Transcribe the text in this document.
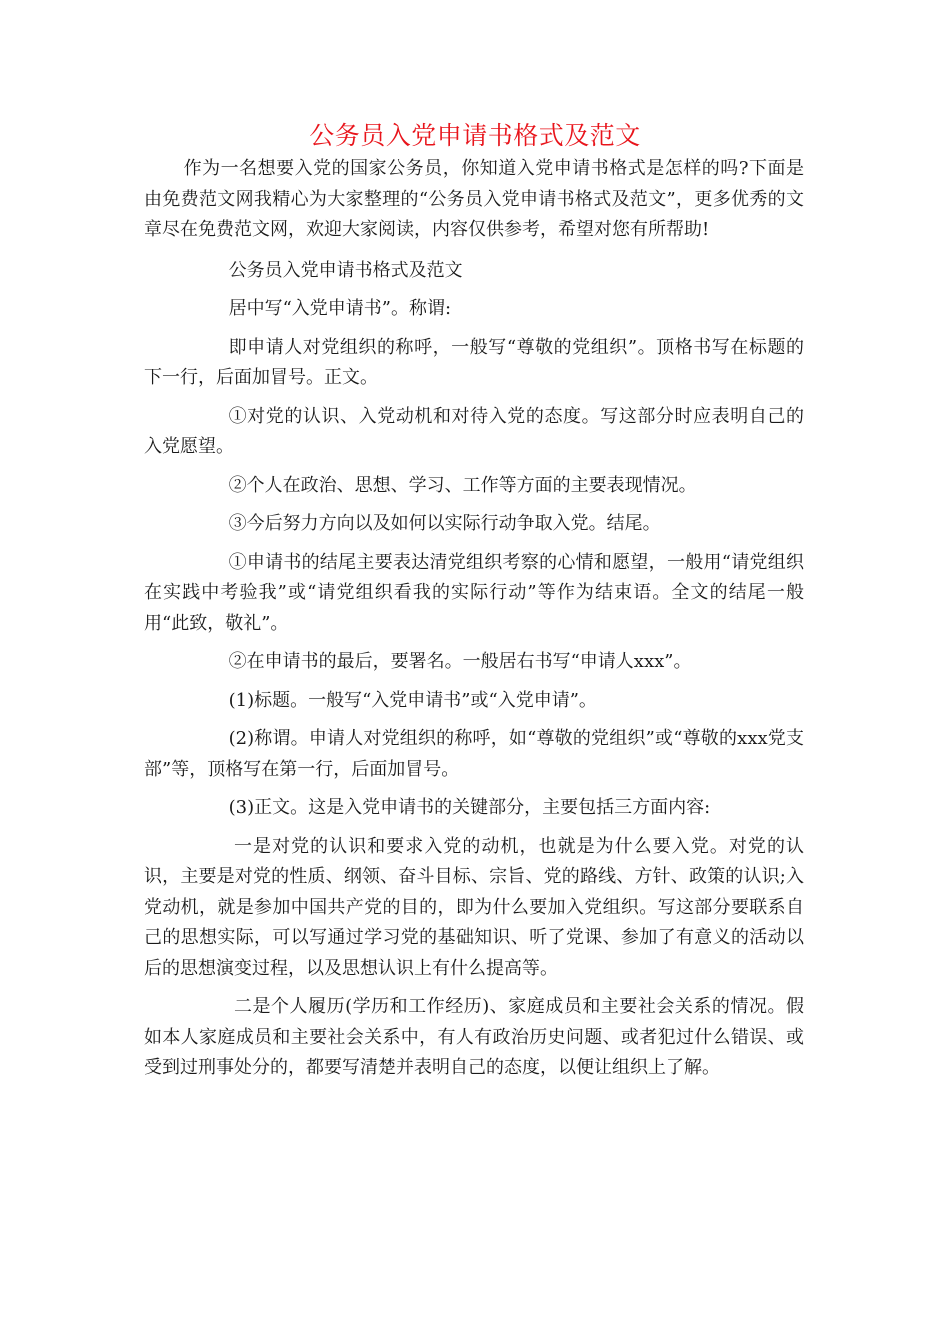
公务员入党申请书格式及范文

作为一名想要入党的国家公务员，你知道入党申请书格式是怎样的吗?下面是由免费范文网我精心为大家整理的“公务员入党申请书格式及范文”，更多优秀的文章尽在免费范文网，欢迎大家阅读，内容仅供参考，希望对您有所帮助!

公务员入党申请书格式及范文

居中写“入党申请书”。称谓:

即申请人对党组织的称呼，一般写“尊敬的党组织”。顶格书写在标题的下一行，后面加冒号。正文。

①对党的认识、入党动机和对待入党的态度。写这部分时应表明自己的入党愿望。

②个人在政治、思想、学习、工作等方面的主要表现情况。

③今后努力方向以及如何以实际行动争取入党。结尾。

①申请书的结尾主要表达清党组织考察的心情和愿望，一般用“请党组织在实践中考验我”或“请党组织看我的实际行动”等作为结束语。全文的结尾一般用“此致，敬礼”。

②在申请书的最后，要署名。一般居右书写“申请人xxx”。

(1)标题。一般写“入党申请书”或“入党申请”。

(2)称谓。申请人对党组织的称呼，如“尊敬的党组织”或“尊敬的xxx党支部”等，顶格写在第一行，后面加冒号。

(3)正文。这是入党申请书的关键部分，主要包括三方面内容:

一是对党的认识和要求入党的动机，也就是为什么要入党。对党的认识，主要是对党的性质、纲领、奋斗目标、宗旨、党的路线、方针、政策的认识;入党动机，就是参加中国共产党的目的，即为什么要加入党组织。写这部分要联系自己的思想实际，可以写通过学习党的基础知识、听了党课、参加了有意义的活动以后的思想演变过程，以及思想认识上有什么提高等。

二是个人履历(学历和工作经历)、家庭成员和主要社会关系的情况。假如本人家庭成员和主要社会关系中，有人有政治历史问题、或者犯过什么错误、或受到过刑事处分的，都要写清楚并表明自己的态度，以便让组织上了解。
